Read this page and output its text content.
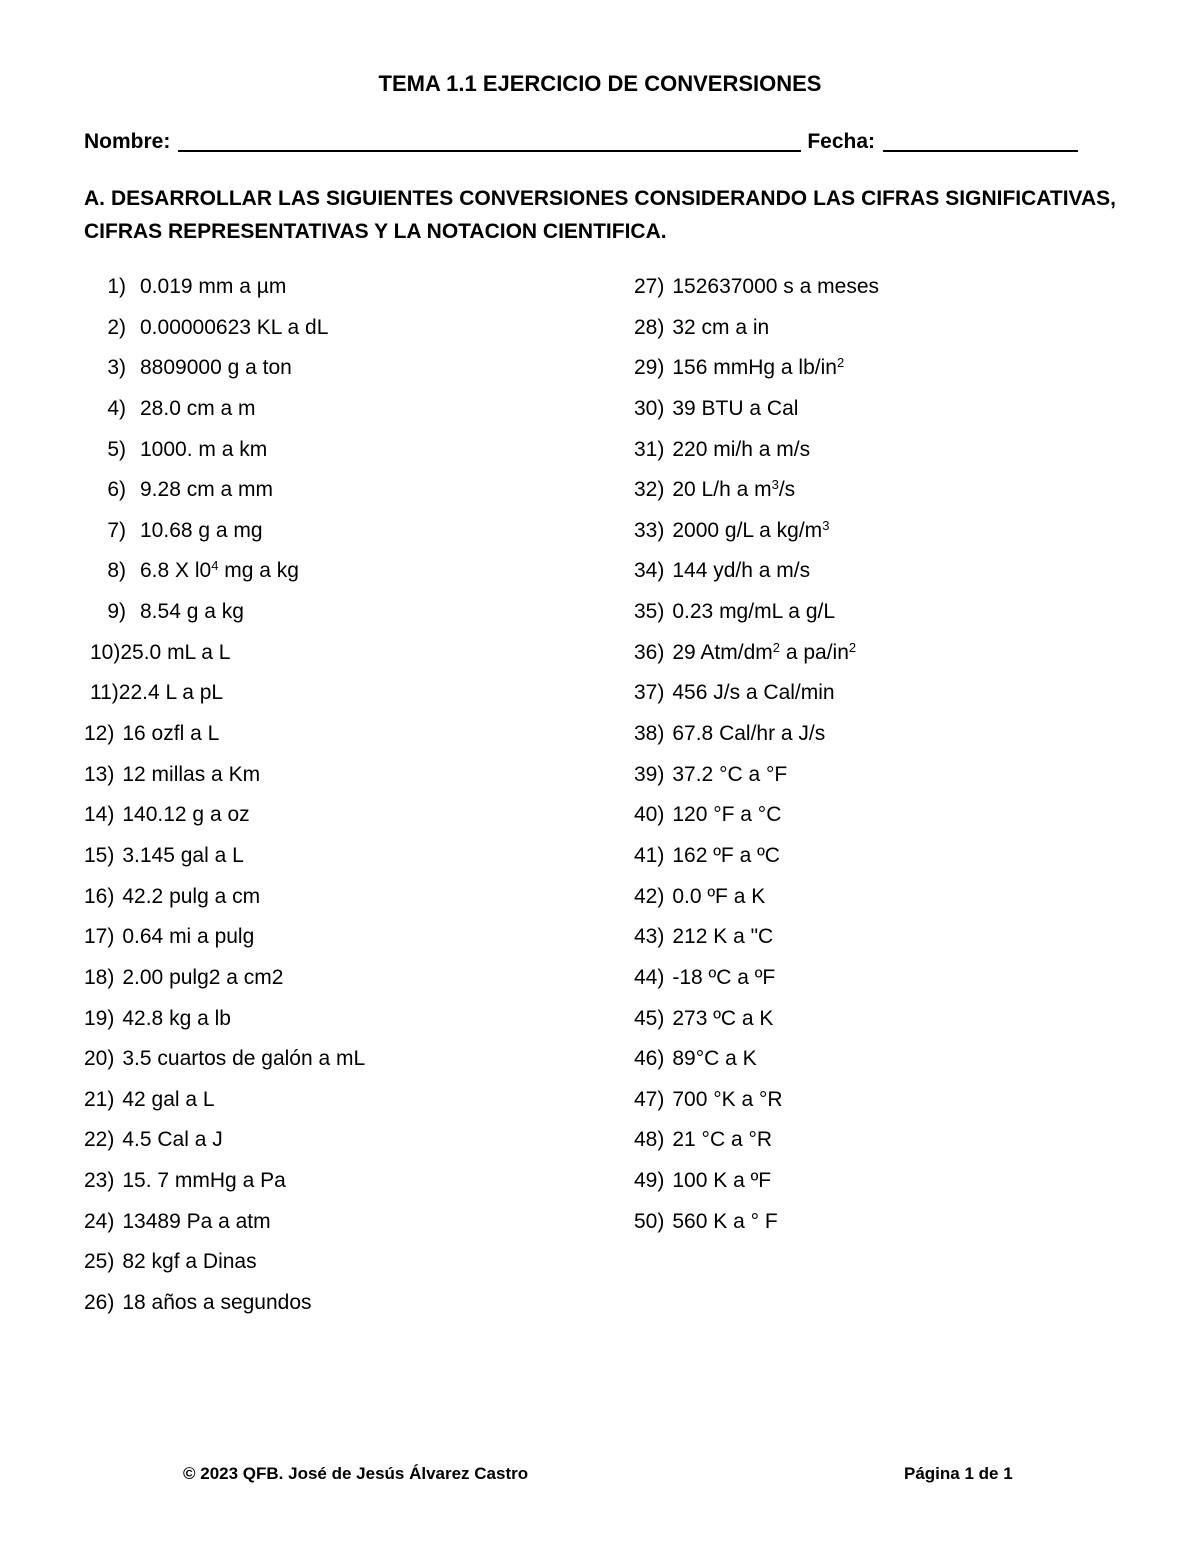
TEMA 1.1 EJERCICIO DE CONVERSIONES
Nombre:	Fecha:
A. DESARROLLAR LAS SIGUIENTES CONVERSIONES CONSIDERANDO LAS CIFRAS SIGNIFICATIVAS, CIFRAS REPRESENTATIVAS Y LA NOTACION CIENTIFICA.
1) 0.019 mm a µm
2) 0.00000623 KL a dL
3) 8809000 g a ton
4) 28.0 cm a m
5) 1000. m a km
6) 9.28 cm a mm
7) 10.68 g a mg
8) 6.8 X $l0^4$ mg a kg
9) 8.54 g a kg
10)25.0 mL a L
11)22.4 L a pL
12) 16 ozfl a L
13) 12 millas a Km
14) 140.12 g a oz
15) 3.145 gal a L
16) 42.2 pulg a cm
17) 0.64 mi a pulg
18) 2.00 pulg2 a cm2
19) 42.8 kg a lb
20) 3.5 cuartos de galón a mL
21) 42 gal a L
22) 4.5 Cal a J
23) 15. 7 mmHg a Pa
24) 13489 Pa a atm
25) 82 kgf a Dinas
26) 18 años a segundos
27) 152637000 s a meses
28) 32 cm a in
29) 156 mmHg a $lb/in^2$
30) 39 BTU a Cal
31) 220 mi/h a m/s
32) 20 L/h a $m^3/s$
33) 2000 g/L a $kg/m^3$
34) 144 yd/h a m/s
35) 0.23 mg/mL a g/L
36) 29 Atm/$dm^2$ a $pa/in^2$
37) 456 J/s a Cal/min
38) 67.8 Cal/hr a J/s
39) 37.2 °C a °F
40) 120 °F a °C
41) 162 ºF a ºC
42) 0.0 ºF a K
43) 212 K a "C
44) -18 ºC a ºF
45) 273 ºC a K
46) 89°C a K
47) 700 °K a °R
48) 21 °C a °R
49) 100 K a ºF
50) 560 K a ° F
© 2023 QFB. José de Jesús Álvarez Castro	Página 1 de 1
